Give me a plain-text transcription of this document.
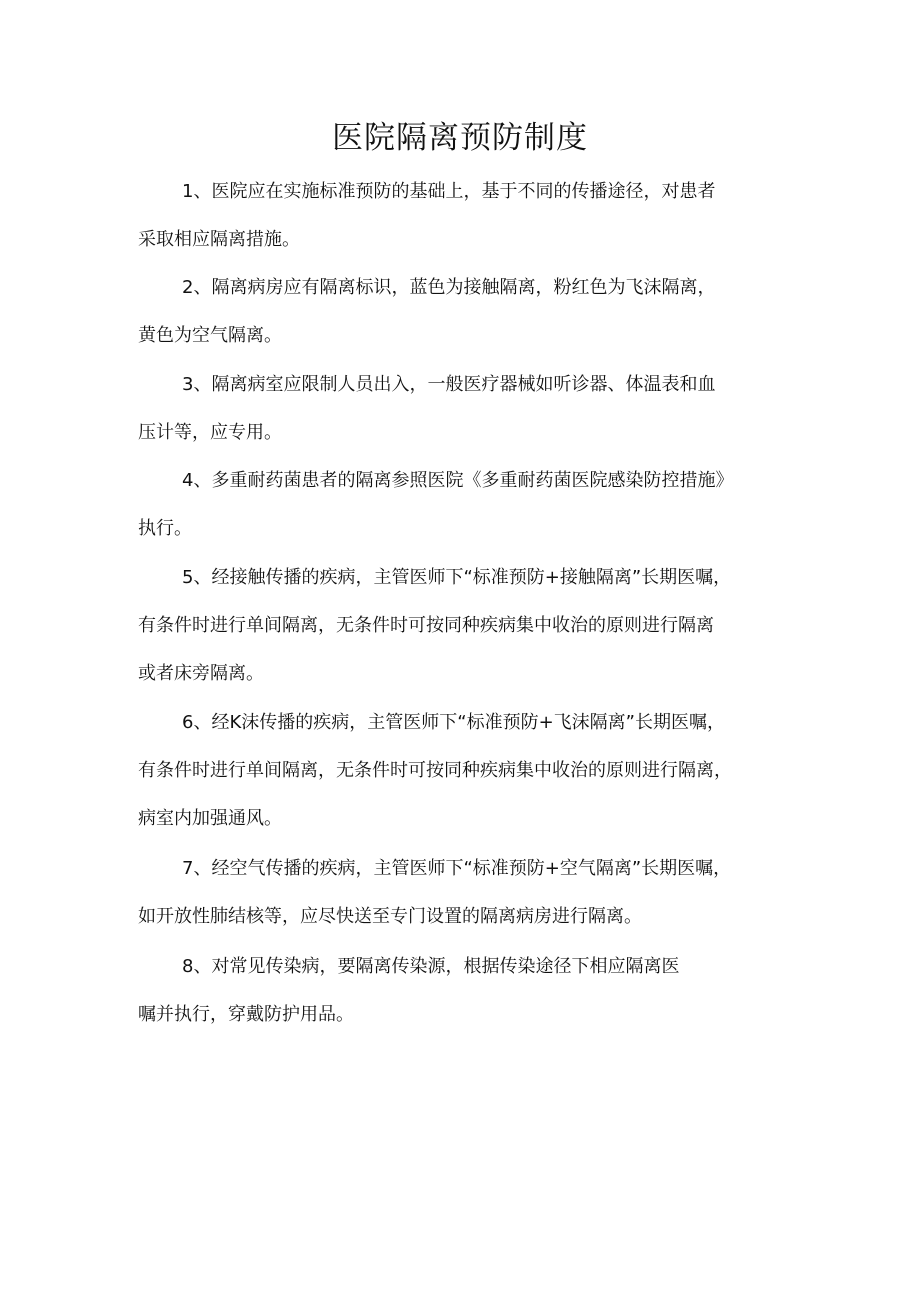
医院隔离预防制度
1、医院应在实施标准预防的基础上，基于不同的传播途径，对患者
采取相应隔离措施。
2、隔离病房应有隔离标识，蓝色为接触隔离，粉红色为飞沫隔离，
黄色为空气隔离。
3、隔离病室应限制人员出入，一般医疗器械如听诊器、体温表和血
压计等，应专用。
4、多重耐药菌患者的隔离参照医院《多重耐药菌医院感染防控措施》
执行。
5、经接触传播的疾病，主管医师下“标准预防+接触隔离”长期医嘱，
有条件时进行单间隔离，无条件时可按同种疾病集中收治的原则进行隔离
或者床旁隔离。
6、经K沫传播的疾病，主管医师下“标准预防+飞沫隔离”长期医嘱，
有条件时进行单间隔离，无条件时可按同种疾病集中收治的原则进行隔离，
病室内加强通风。
7、经空气传播的疾病，主管医师下“标准预防+空气隔离”长期医嘱，
如开放性肺结核等，应尽快送至专门设置的隔离病房进行隔离。
8、对常见传染病，要隔离传染源，根据传染途径下相应隔离医
嘱并执行，穿戴防护用品。
